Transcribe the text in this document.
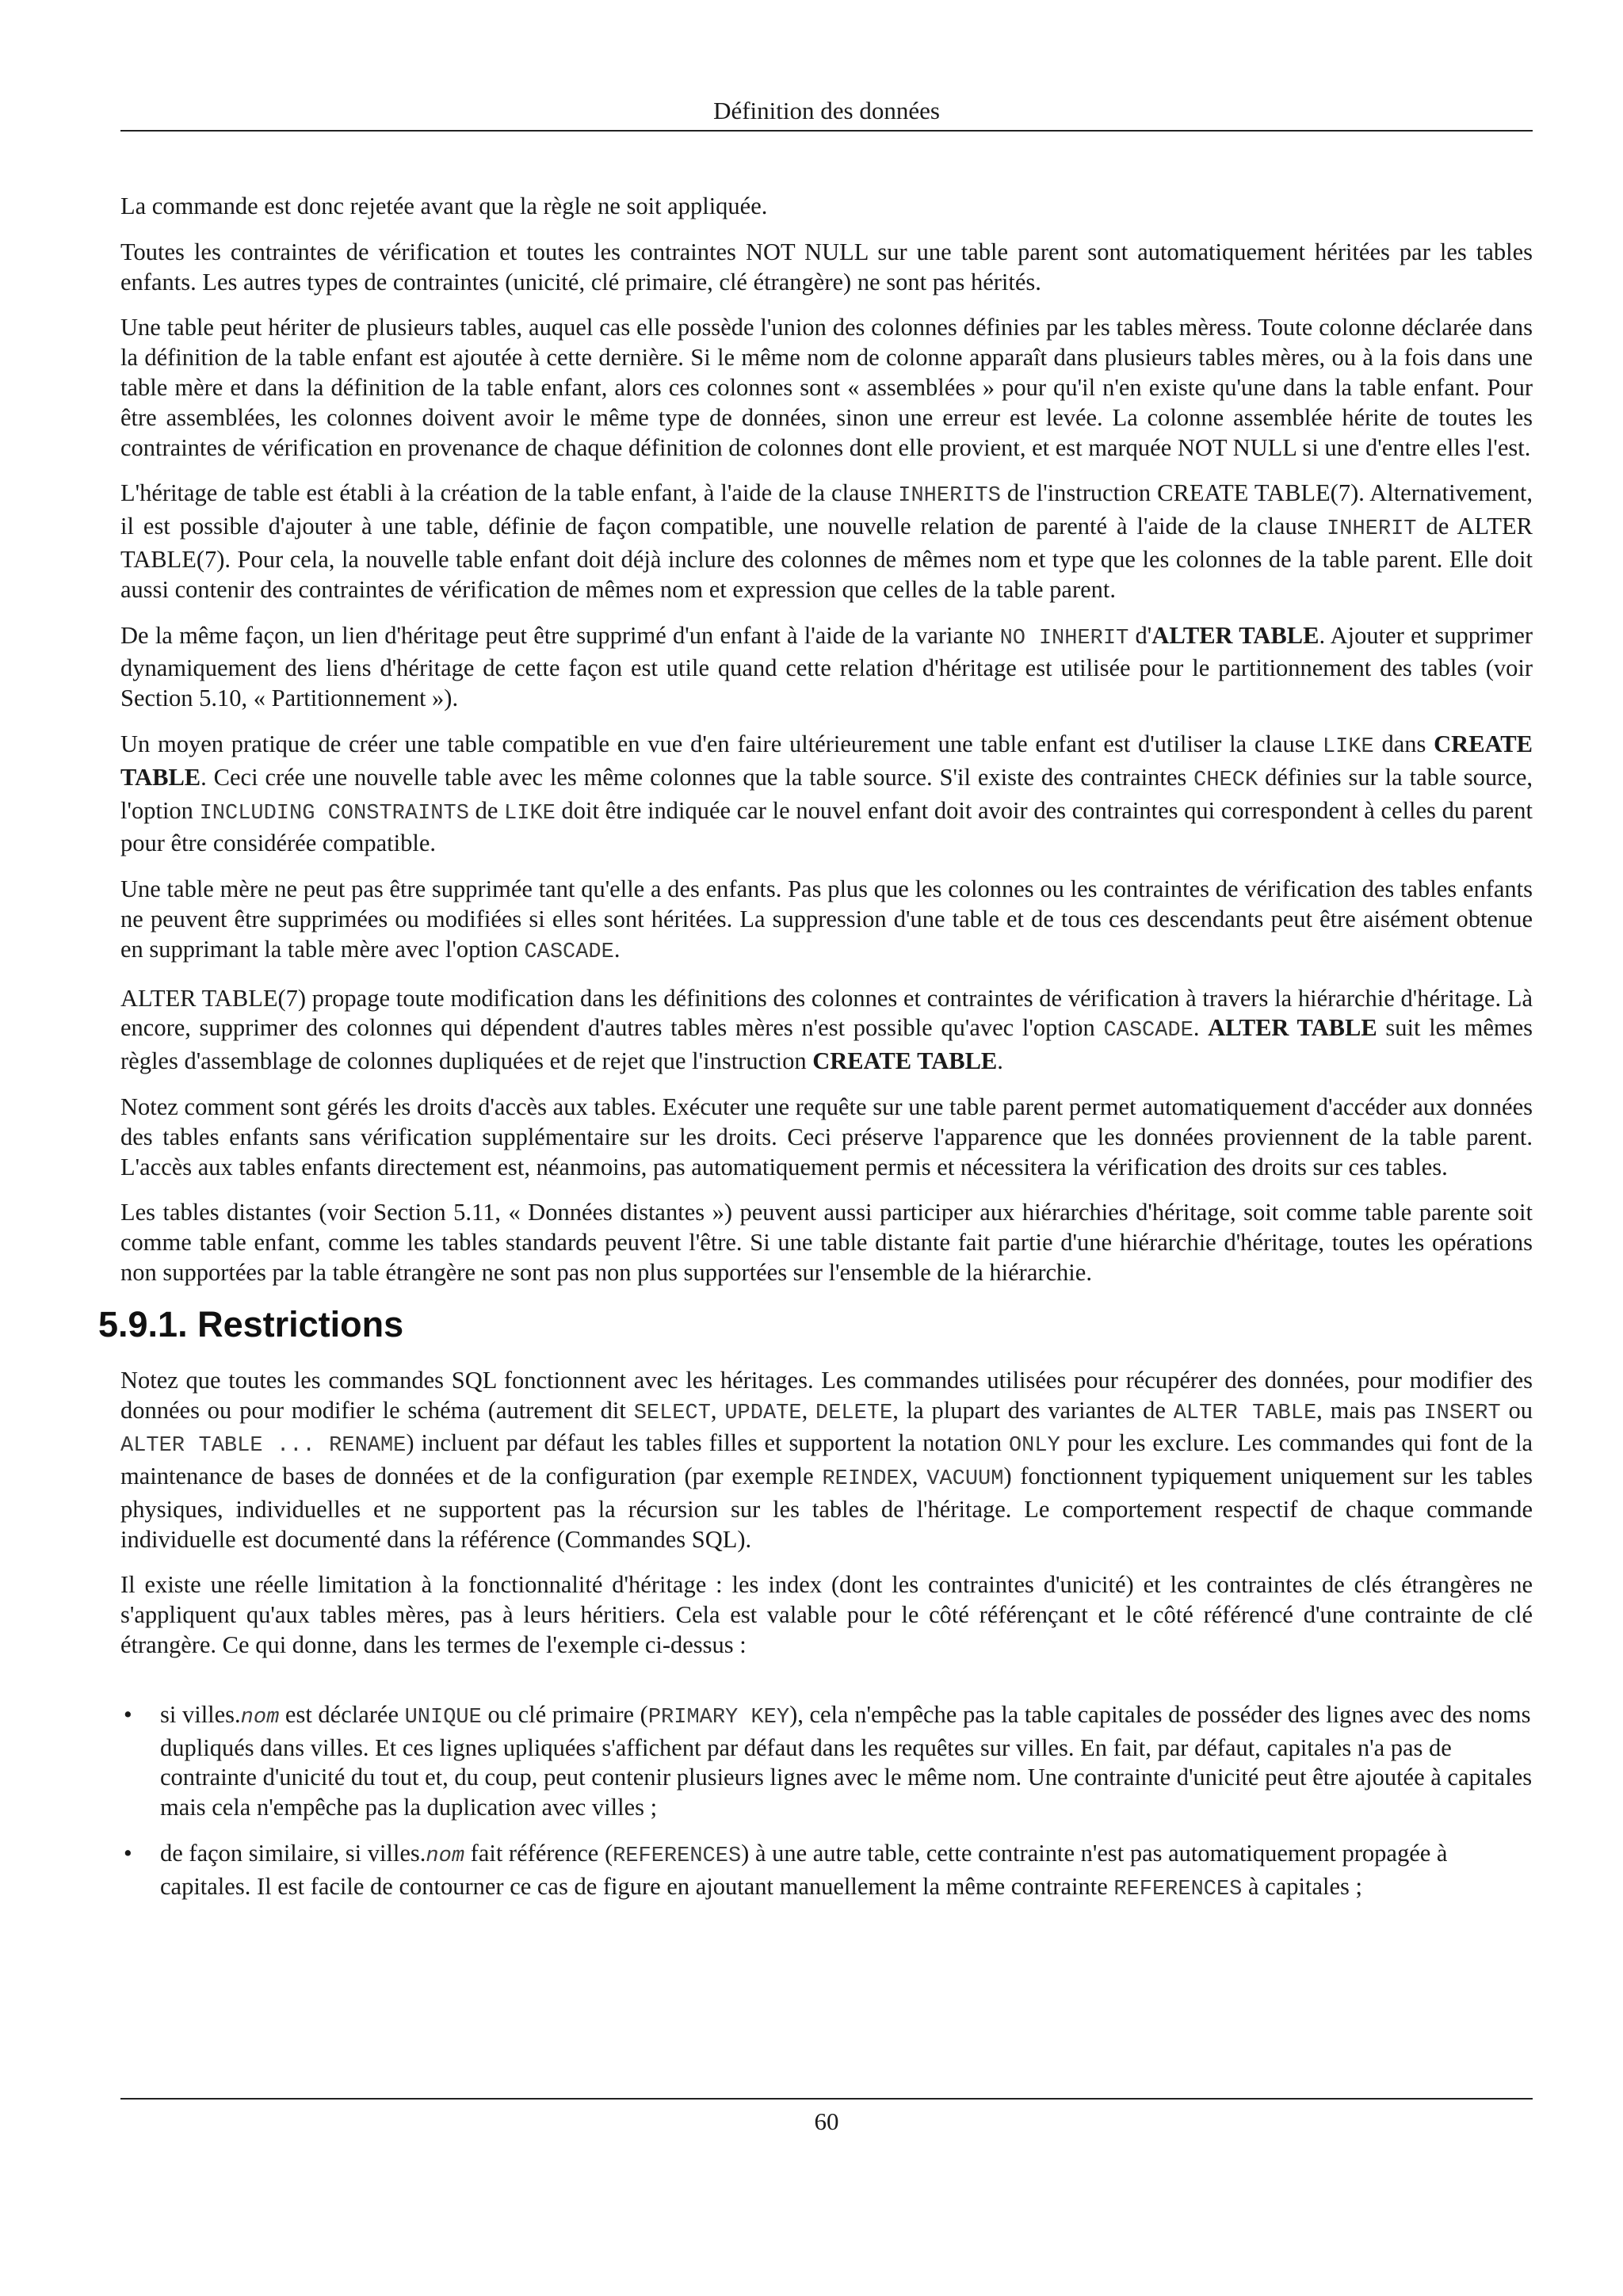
Définition des données

La commande est donc rejetée avant que la règle ne soit appliquée.

Toutes les contraintes de vérification et toutes les contraintes NOT NULL sur une table parent sont automatiquement héritées par les tables enfants. Les autres types de contraintes (unicité, clé primaire, clé étrangère) ne sont pas hérités.

Une table peut hériter de plusieurs tables, auquel cas elle possède l'union des colonnes définies par les tables mèress. Toute colonne déclarée dans la définition de la table enfant est ajoutée à cette dernière. Si le même nom de colonne apparaît dans plusieurs tables mères, ou à la fois dans une table mère et dans la définition de la table enfant, alors ces colonnes sont « assemblées » pour qu'il n'en existe qu'une dans la table enfant. Pour être assemblées, les colonnes doivent avoir le même type de données, sinon une erreur est levée. La colonne assemblée hérite de toutes les contraintes de vérification en provenance de chaque définition de colonnes dont elle provient, et est marquée NOT NULL si une d'entre elles l'est.

L'héritage de table est établi à la création de la table enfant, à l'aide de la clause INHERITS de l'instruction CREATE TABLE(7). Alternativement, il est possible d'ajouter à une table, définie de façon compatible, une nouvelle relation de parenté à l'aide de la clause INHERIT de ALTER TABLE(7). Pour cela, la nouvelle table enfant doit déjà inclure des colonnes de mêmes nom et type que les colonnes de la table parent. Elle doit aussi contenir des contraintes de vérification de mêmes nom et expression que celles de la table parent.

De la même façon, un lien d'héritage peut être supprimé d'un enfant à l'aide de la variante NO INHERIT d'ALTER TABLE. Ajouter et supprimer dynamiquement des liens d'héritage de cette façon est utile quand cette relation d'héritage est utilisée pour le partitionnement des tables (voir Section 5.10, « Partitionnement »).

Un moyen pratique de créer une table compatible en vue d'en faire ultérieurement une table enfant est d'utiliser la clause LIKE dans CREATE TABLE. Ceci crée une nouvelle table avec les même colonnes que la table source. S'il existe des contraintes CHECK définies sur la table source, l'option INCLUDING CONSTRAINTS de LIKE doit être indiquée car le nouvel enfant doit avoir des contraintes qui correspondent à celles du parent pour être considérée compatible.

Une table mère ne peut pas être supprimée tant qu'elle a des enfants. Pas plus que les colonnes ou les contraintes de vérification des tables enfants ne peuvent être supprimées ou modifiées si elles sont héritées. La suppression d'une table et de tous ces descendants peut être aisément obtenue en supprimant la table mère avec l'option CASCADE.

ALTER TABLE(7) propage toute modification dans les définitions des colonnes et contraintes de vérification à travers la hiérarchie d'héritage. Là encore, supprimer des colonnes qui dépendent d'autres tables mères n'est possible qu'avec l'option CASCADE. ALTER TABLE suit les mêmes règles d'assemblage de colonnes dupliquées et de rejet que l'instruction CREATE TABLE.

Notez comment sont gérés les droits d'accès aux tables. Exécuter une requête sur une table parent permet automatiquement d'accéder aux données des tables enfants sans vérification supplémentaire sur les droits. Ceci préserve l'apparence que les données proviennent de la table parent. L'accès aux tables enfants directement est, néanmoins, pas automatiquement permis et nécessitera la vérification des droits sur ces tables.

Les tables distantes (voir Section 5.11, « Données distantes ») peuvent aussi participer aux hiérarchies d'héritage, soit comme table parente soit comme table enfant, comme les tables standards peuvent l'être. Si une table distante fait partie d'une hiérarchie d'héritage, toutes les opérations non supportées par la table étrangère ne sont pas non plus supportées sur l'ensemble de la hiérarchie.

5.9.1. Restrictions

Notez que toutes les commandes SQL fonctionnent avec les héritages. Les commandes utilisées pour récupérer des données, pour modifier des données ou pour modifier le schéma (autrement dit SELECT, UPDATE, DELETE, la plupart des variantes de ALTER TABLE, mais pas INSERT ou ALTER TABLE ... RENAME) incluent par défaut les tables filles et supportent la notation ONLY pour les exclure. Les commandes qui font de la maintenance de bases de données et de la configuration (par exemple REINDEX, VACUUM) fonctionnent typiquement uniquement sur les tables physiques, individuelles et ne supportent pas la récursion sur les tables de l'héritage. Le comportement respectif de chaque commande individuelle est documenté dans la référence (Commandes SQL).

Il existe une réelle limitation à la fonctionnalité d'héritage : les index (dont les contraintes d'unicité) et les contraintes de clés étrangères ne s'appliquent qu'aux tables mères, pas à leurs héritiers. Cela est valable pour le côté référençant et le côté référencé d'une contrainte de clé étrangère. Ce qui donne, dans les termes de l'exemple ci-dessus :

• si villes.nom est déclarée UNIQUE ou clé primaire (PRIMARY KEY), cela n'empêche pas la table capitales de posséder des lignes avec des noms dupliqués dans villes. Et ces lignes upliquées s'affichent par défaut dans les requêtes sur villes. En fait, par défaut, capitales n'a pas de contrainte d'unicité du tout et, du coup, peut contenir plusieurs lignes avec le même nom. Une contrainte d'unicité peut être ajoutée à capitales mais cela n'empêche pas la duplication avec villes ;
• de façon similaire, si villes.nom fait référence (REFERENCES) à une autre table, cette contrainte n'est pas automatiquement propagée à capitales. Il est facile de contourner ce cas de figure en ajoutant manuellement la même contrainte REFERENCES à capitales ;
60
